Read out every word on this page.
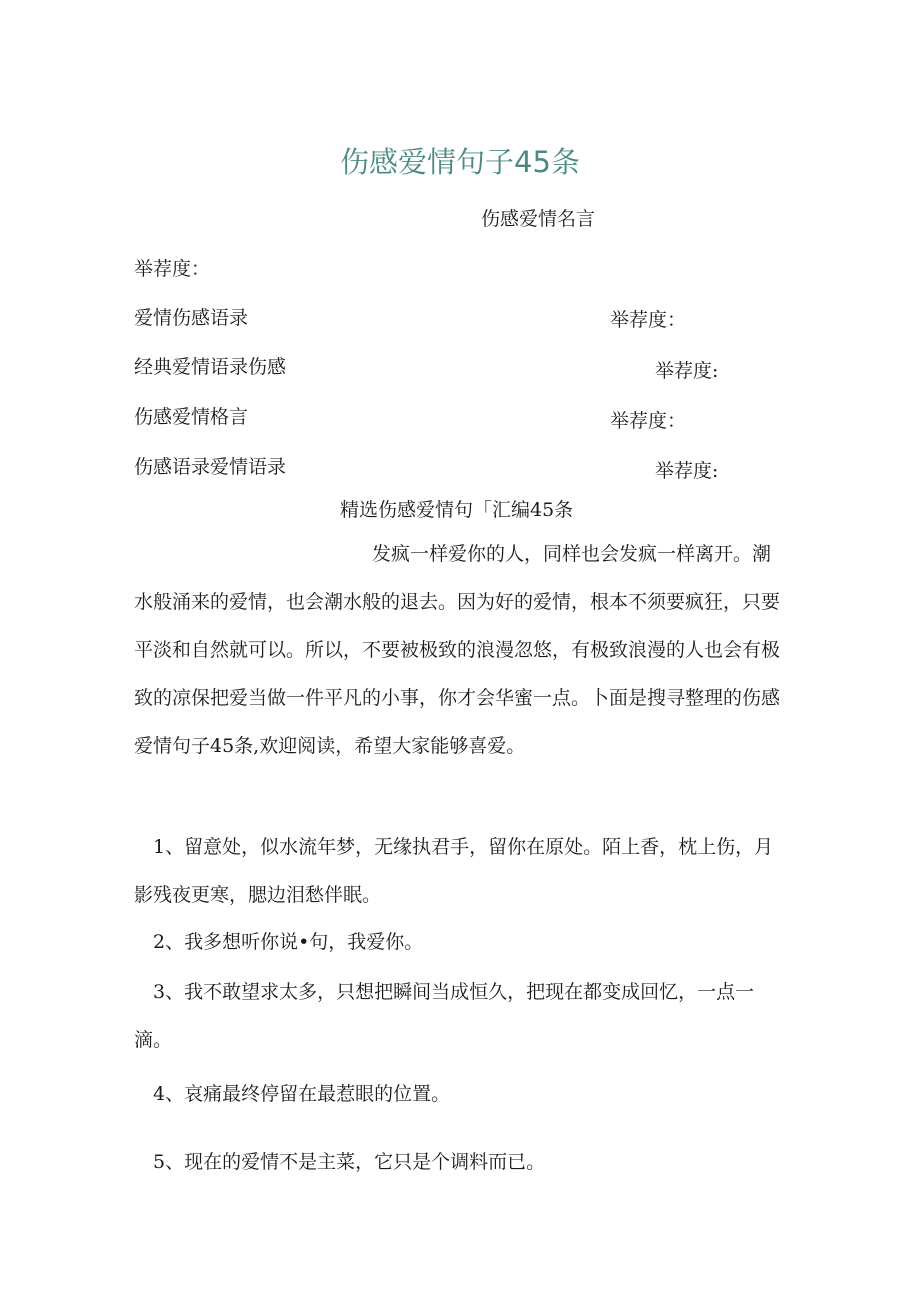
伤感爱情句子45条
伤感爱情名言
举荐度：
爱情伤感语录	举荐度：
经典爱情语录伤感	举荐度:
伤感爱情格言	举荐度：
伤感语录爱情语录	举荐度:
精选伤感爱情句「汇编45条
发疯一样爱你的人，同样也会发疯一样离开。潮水般涌来的爱情，也会潮水般的退去。因为好的爱情，根本不须要疯狂，只要平淡和自然就可以。所以，不要被极致的浪漫忽悠，有极致浪漫的人也会有极致的凉保把爱当做一件平凡的小事，你才会华蜜一点。卜面是搜寻整理的伤感爱情句子45条,欢迎阅读，希望大家能够喜爱。
1、留意处，似水流年梦，无缘执君手，留你在原处。陌上香，枕上伤，月影残夜更寒，腮边泪愁伴眠。
2、我多想听你说•句，我爱你。
3、我不敢望求太多，只想把瞬间当成恒久，把现在都变成回忆，一点一滴。
4、哀痛最终停留在最惹眼的位置。
5、现在的爱情不是主菜，它只是个调料而已。
